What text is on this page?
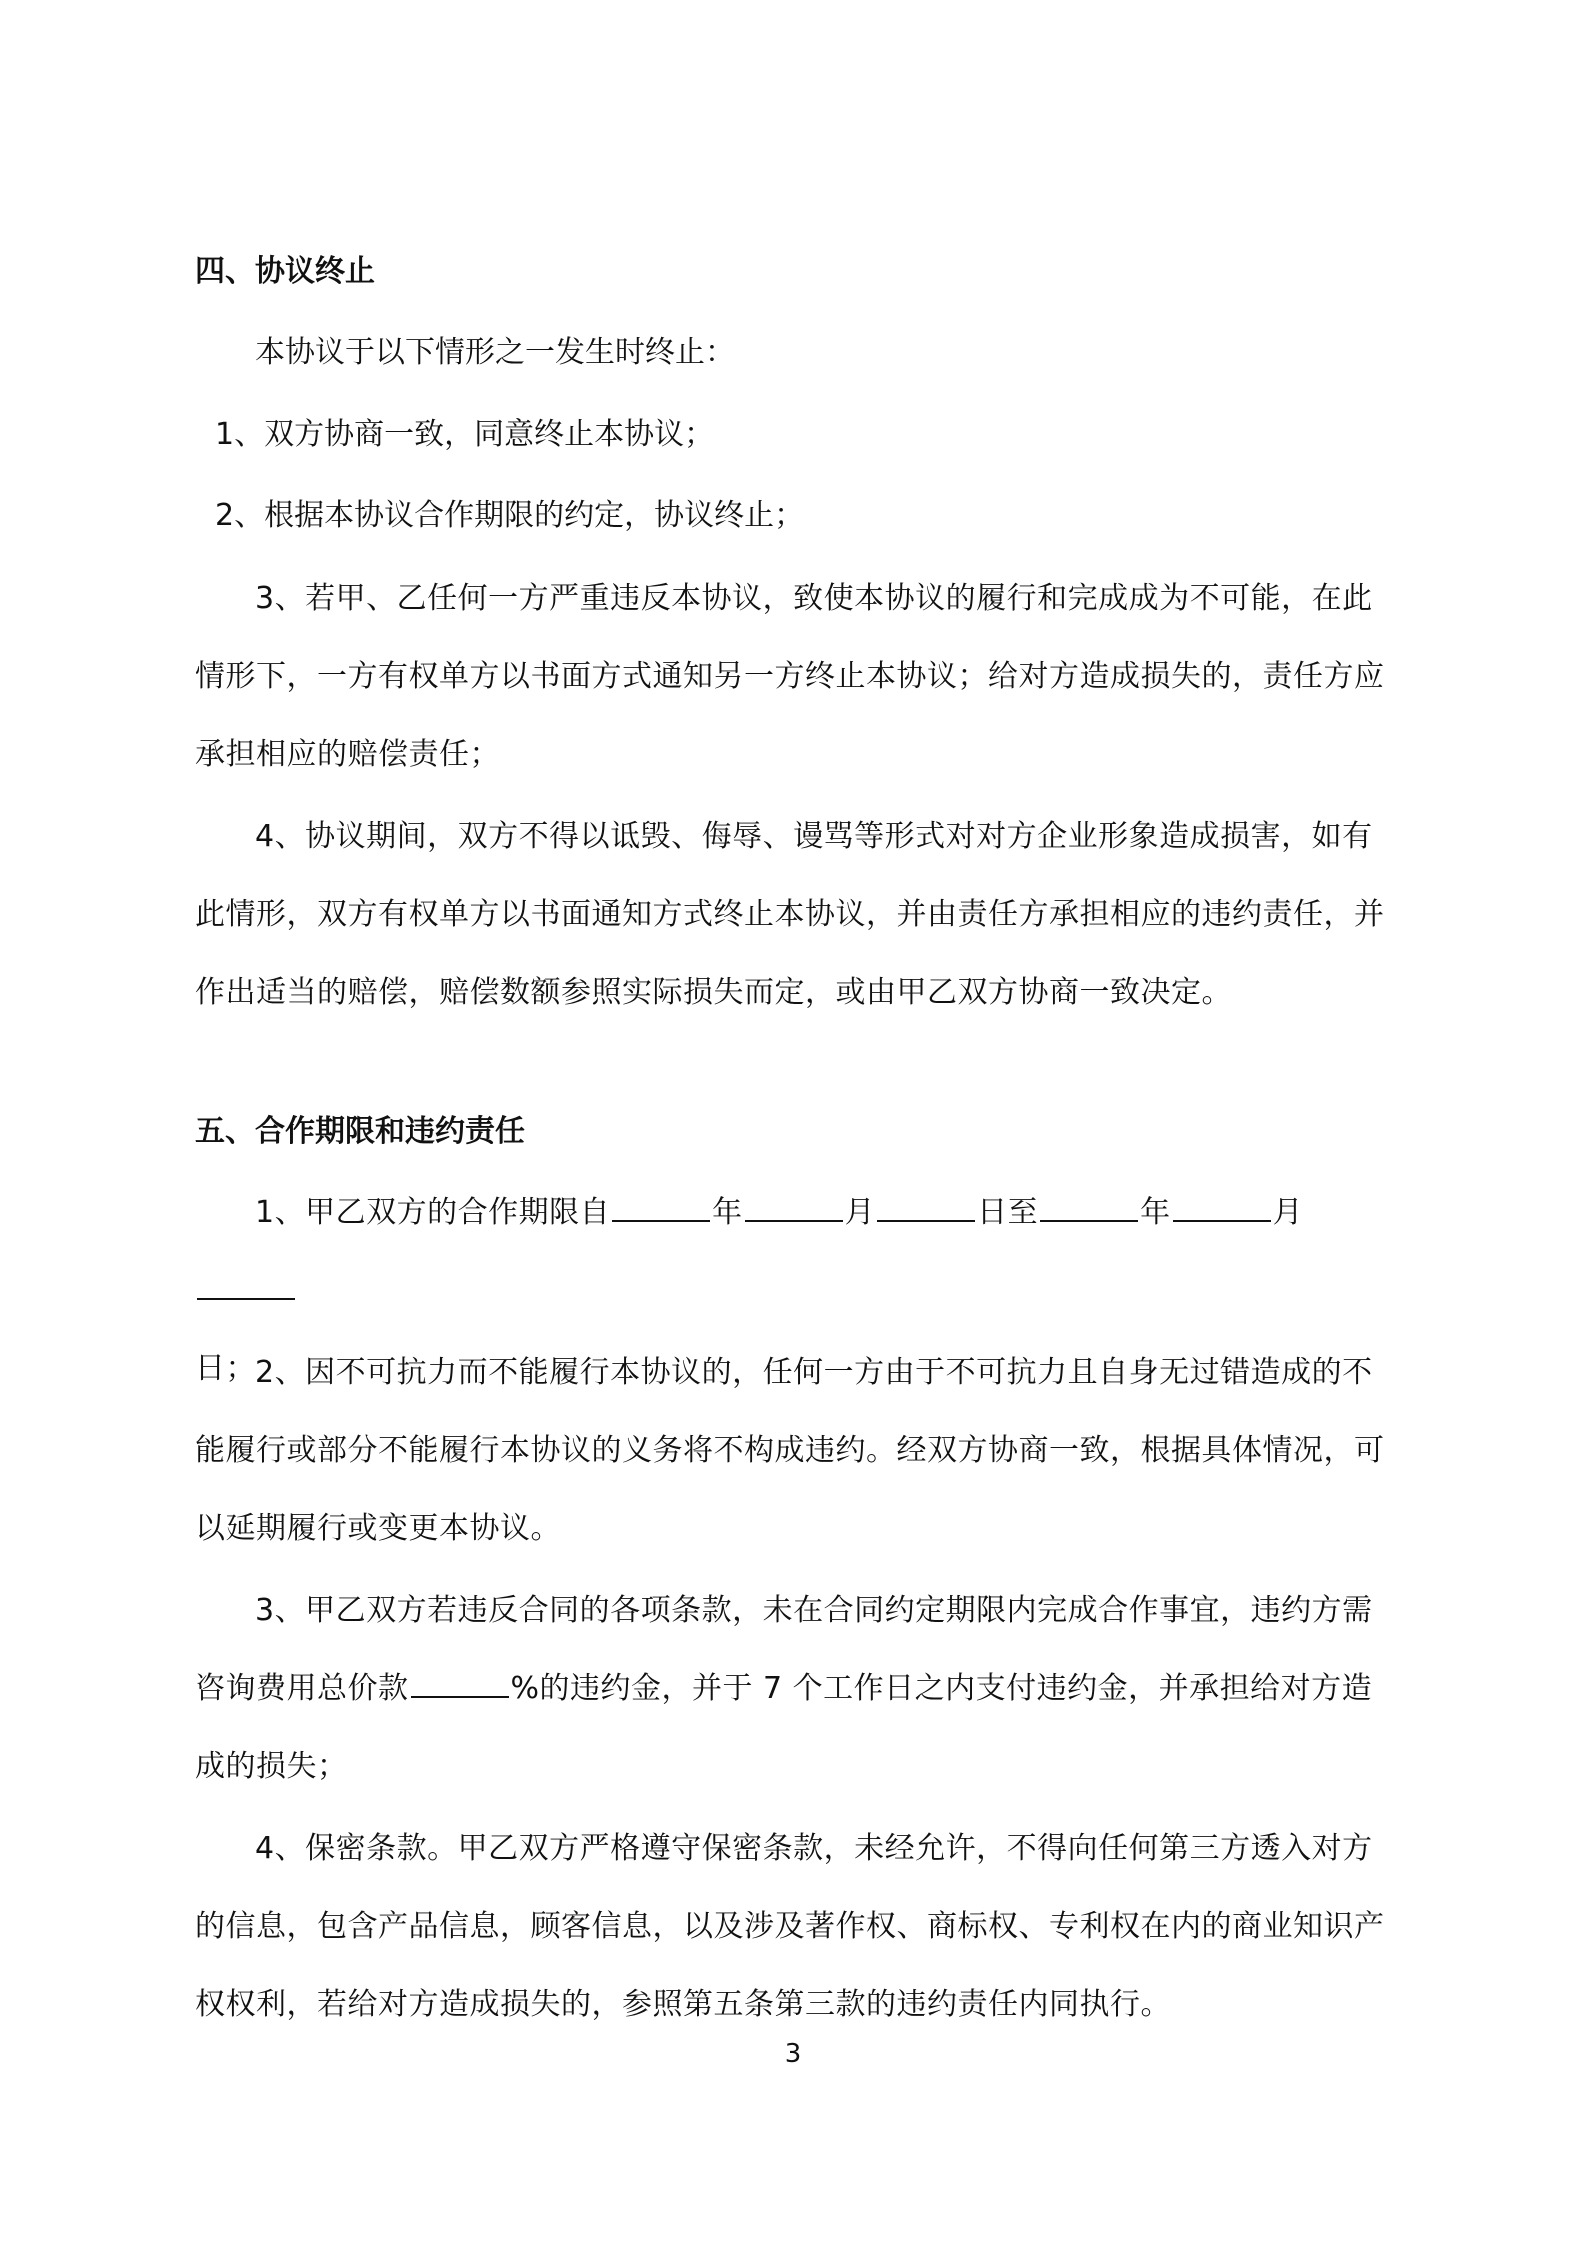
四、协议终止
本协议于以下情形之一发生时终止：
1、双方协商一致，同意终止本协议；
2、根据本协议合作期限的约定，协议终止；
3、若甲、乙任何一方严重违反本协议，致使本协议的履行和完成成为不可能，在此情形下，一方有权单方以书面方式通知另一方终止本协议；给对方造成损失的，责任方应承担相应的赔偿责任；
4、协议期间，双方不得以诋毁、侮辱、谩骂等形式对对方企业形象造成损害，如有此情形，双方有权单方以书面通知方式终止本协议，并由责任方承担相应的违约责任，并作出适当的赔偿，赔偿数额参照实际损失而定，或由甲乙双方协商一致决定。
五、合作期限和违约责任
1、甲乙双方的合作期限自	年	月	日至	年	月
日； 2、因不可抗力而不能履行本协议的，任何一方由于不可抗力且自身无过错造成的不能履行或部分不能履行本协议的义务将不构成违约。经双方协商一致，根据具体情况，可以延期履行或变更本协议。
3、甲乙双方若违反合同的各项条款，未在合同约定期限内完成合作事宜，违约方需咨询费用总价款	%的违约金，并于 7 个工作日之内支付违约金，并承担给对方造成的损失；
4、保密条款。甲乙双方严格遵守保密条款，未经允许，不得向任何第三方透入对方的信息，包含产品信息，顾客信息，以及涉及著作权、商标权、专利权在内的商业知识产权权利，若给对方造成损失的，参照第五条第三款的违约责任内同执行。
3
